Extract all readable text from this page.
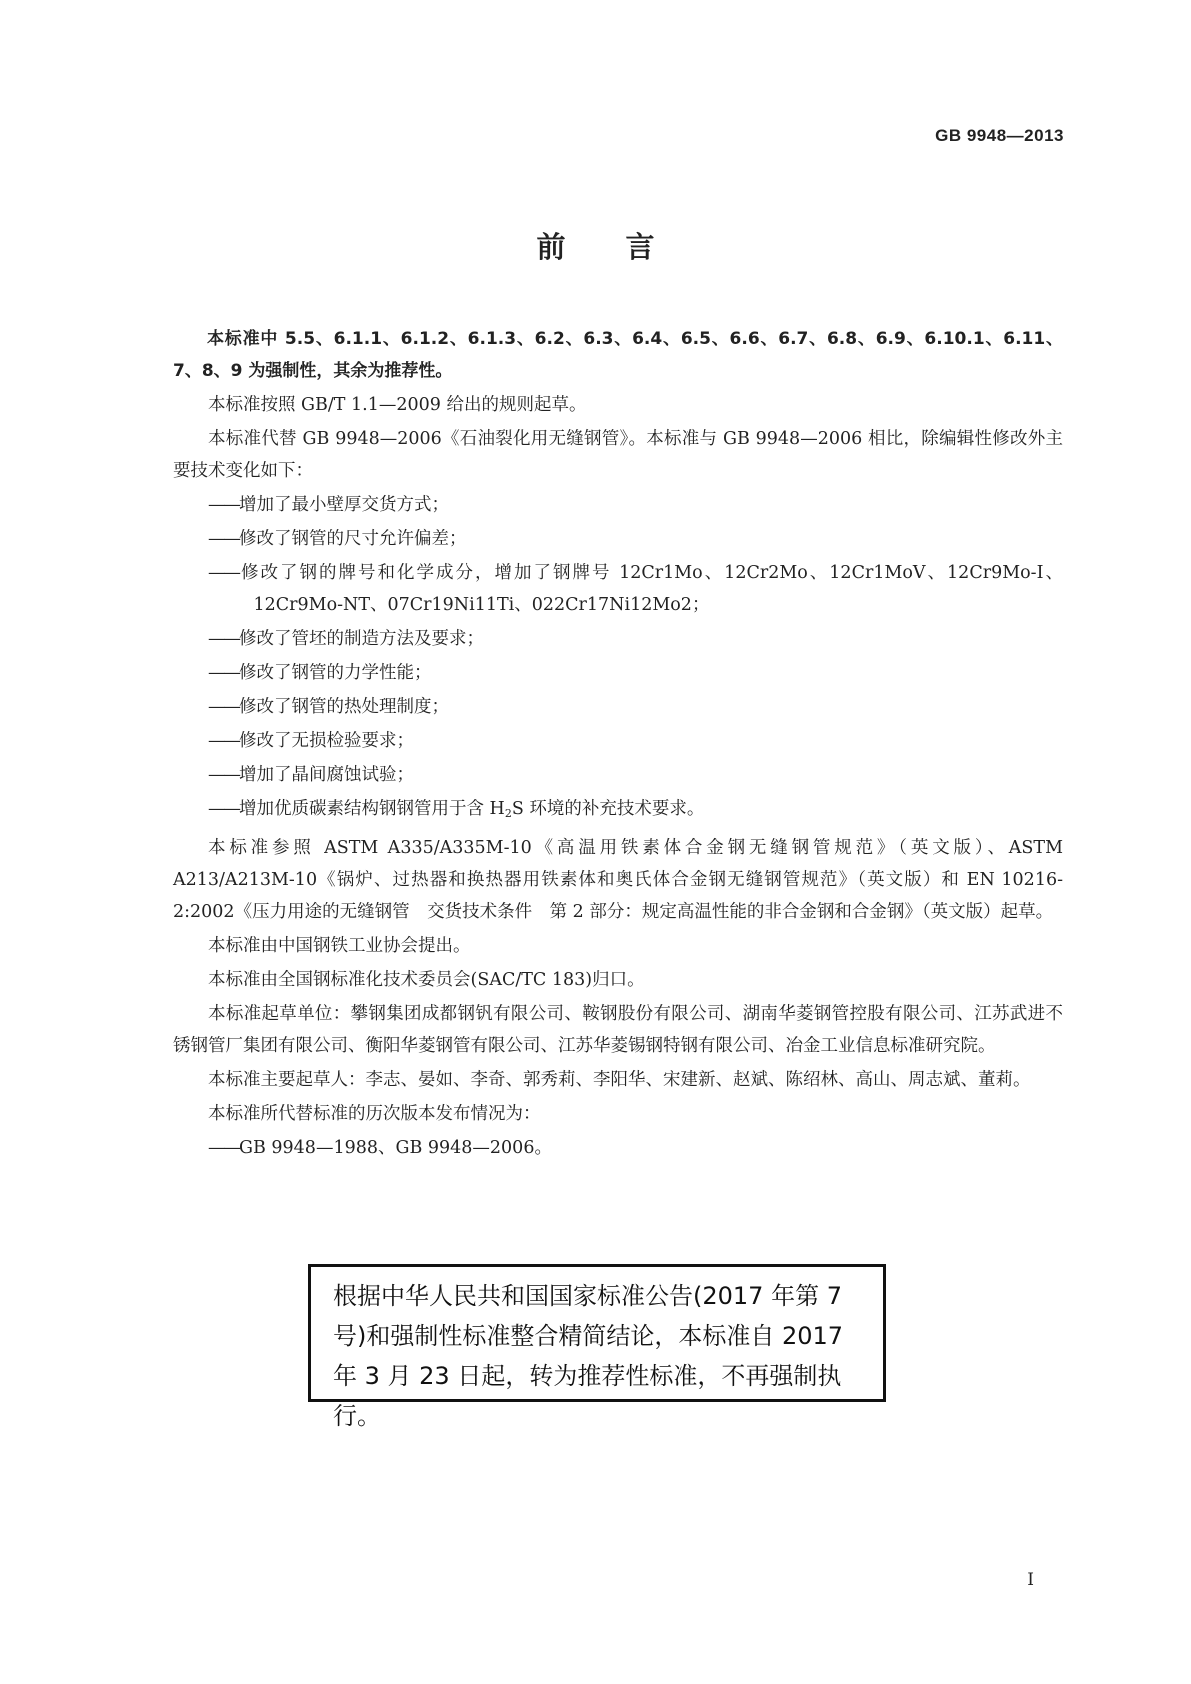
GB 9948—2013
前言

本标准中 5.5、6.1.1、6.1.2、6.1.3、6.2、6.3、6.4、6.5、6.6、6.7、6.8、6.9、6.10.1、6.11、7、8、9 为强制性，其余为推荐性。

本标准按照 GB/T 1.1—2009 给出的规则起草。

本标准代替 GB 9948—2006《石油裂化用无缝钢管》。本标准与 GB 9948—2006 相比，除编辑性修改外主要技术变化如下：

——增加了最小壁厚交货方式；

——修改了钢管的尺寸允许偏差；

——修改了钢的牌号和化学成分，增加了钢牌号 12Cr1Mo、12Cr2Mo、12Cr1MoV、12Cr9Mo-I、12Cr9Mo-NT、07Cr19Ni11Ti、022Cr17Ni12Mo2；

——修改了管坯的制造方法及要求；

——修改了钢管的力学性能；

——修改了钢管的热处理制度；

——修改了无损检验要求；

——增加了晶间腐蚀试验；

——增加优质碳素结构钢钢管用于含 $H_2S$ 环境的补充技术要求。

本标准参照 ASTM A335/A335M-10《高温用铁素体合金钢无缝钢管规范》（英文版）、ASTM A213/A213M-10《锅炉、过热器和换热器用铁素体和奥氏体合金钢无缝钢管规范》（英文版）和 EN 10216-2:2002《压力用途的无缝钢管　交货技术条件　第 2 部分：规定高温性能的非合金钢和合金钢》（英文版）起草。

本标准由中国钢铁工业协会提出。

本标准由全国钢标准化技术委员会(SAC/TC 183)归口。

本标准起草单位：攀钢集团成都钢钒有限公司、鞍钢股份有限公司、湖南华菱钢管控股有限公司、江苏武进不锈钢管厂集团有限公司、衡阳华菱钢管有限公司、江苏华菱锡钢特钢有限公司、冶金工业信息标准研究院。

本标准主要起草人：李志、晏如、李奇、郭秀莉、李阳华、宋建新、赵斌、陈绍林、高山、周志斌、董莉。

本标准所代替标准的历次版本发布情况为：

——GB 9948—1988、GB 9948—2006。

根据中华人民共和国国家标准公告(2017 年第 7
号)和强制性标准整合精简结论，本标准自 2017
年 3 月 23 日起，转为推荐性标准，不再强制执行。
I
